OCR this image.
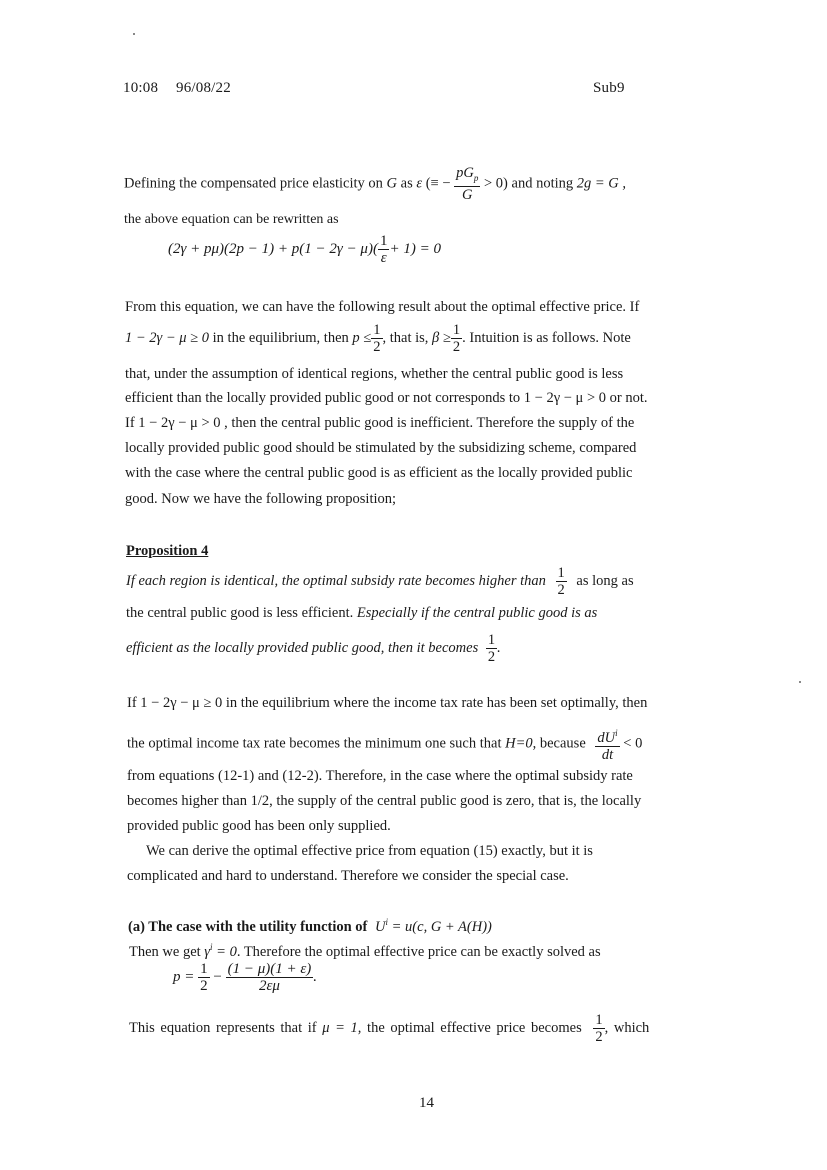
10:08 96/08/22	Sub9
Defining the compensated price elasticity on G as ε (≡ − $\frac{pG_p}{G} > 0$) and noting 2g = G ,
the above equation can be rewritten as
$(2\gamma + p\mu)(2p - 1) + p(1 - 2\gamma - \mu)( \frac{1}{\varepsilon} + 1) = 0$
From this equation, we can have the following result about the optimal effective price. If
1 − 2γ − μ ≥ 0 in the equilibrium, then $p \le \frac{1}{2}$ , that is, $\beta \ge \frac{1}{2}$ . Intuition is as follows. Note
that, under the assumption of identical regions, whether the central public good is less
efficient than the locally provided public good or not corresponds to 1 − 2γ − μ > 0 or not.
If 1 − 2γ − μ > 0 , then the central public good is inefficient. Therefore the supply of the
locally provided public good should be stimulated by the subsidizing scheme, compared
with the case where the central public good is as efficient as the locally provided public
good. Now we have the following proposition;
Proposition 4
If each region is identical, the optimal subsidy rate becomes higher than $\frac{1}{2}$ as long as
the central public good is less efficient. Especially if the central public good is as
efficient as the locally provided public good, then it becomes $\frac{1}{2}$ .
If 1 − 2γ − μ ≥ 0 in the equilibrium where the income tax rate has been set optimally, then
the optimal income tax rate becomes the minimum one such that H=0, because $\frac{dU^i}{dt} < 0$
from equations (12-1) and (12-2). Therefore, in the case where the optimal subsidy rate
becomes higher than 1/2, the supply of the central public good is zero, that is, the locally
provided public good has been only supplied.
We can derive the optimal effective price from equation (15) exactly, but it is
complicated and hard to understand. Therefore we consider the special case.
(a) The case with the utility function of $U^i = u(c$, G + A(H))
Then we get $\gamma^i = 0$. Therefore the optimal effective price can be exactly solved as
$p = \frac{1}{2} - \frac{(1 - \mu)(1 + \varepsilon)}{2\varepsilon\mu}$ .
This equation represents that if μ = 1, the optimal effective price becomes $\frac{1}{2}$ , which
14
